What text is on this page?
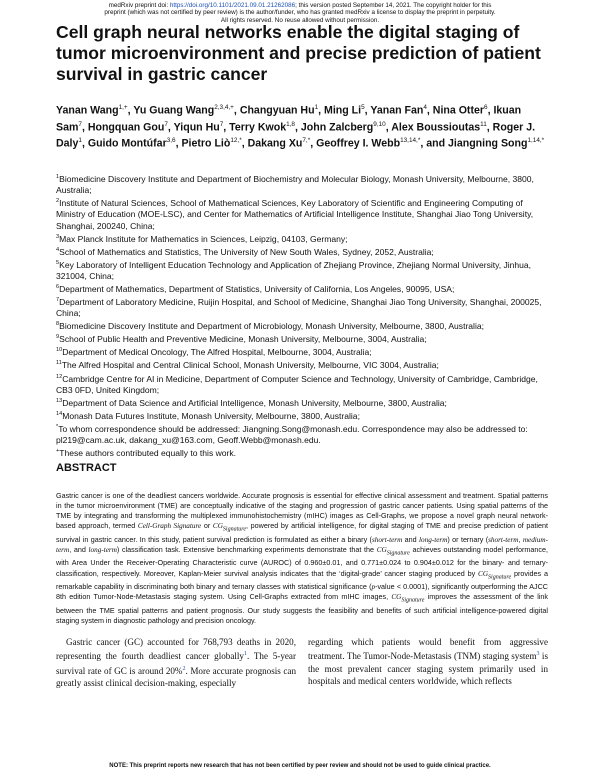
medRxiv preprint doi: https://doi.org/10.1101/2021.09.01.21262086; this version posted September 14, 2021. The copyright holder for this
preprint (which was not certified by peer review) is the author/funder, who has granted medRxiv a license to display the preprint in perpetuity.
All rights reserved. No reuse allowed without permission.
Cell graph neural networks enable the digital staging of tumor microenvironment and precise prediction of patient survival in gastric cancer
Yanan Wang$^{1,+}$, Yu Guang Wang$^{2,3,4,+}$, Changyuan Hu$^1$, Ming Li$^5$, Yanan Fan$^4$, Nina Otter$^6$, Ikuan Sam$^7$, Hongquan Gou$^7$, Yiqun Hu$^7$, Terry Kwok$^{1,8}$, John Zalcberg$^{9,10}$, Alex Boussioutas$^{11}$, Roger J. Daly$^1$, Guido Montúfar$^{3,6}$, Pietro Liò$^{12,*}$, Dakang $Xu^{7,*}$, Geoffrey I. Webb$^{13,14,*}$, and Jiangning Song$^{1,14,*}$

$^1$Biomedicine Discovery Institute and Department of Biochemistry and Molecular Biology, Monash University, Melbourne, 3800, Australia;

$^2$Institute of Natural Sciences, School of Mathematical Sciences, Key Laboratory of Scientific and Engineering Computing of Ministry of Education (MOE-LSC), and Center for Mathematics of Artificial Intelligence Institute, Shanghai Jiao Tong University, Shanghai, 200240, China;

$^3$Max Planck Institute for Mathematics in Sciences, Leipzig, 04103, Germany;

$^4$School of Mathematics and Statistics, The University of New South Wales, Sydney, 2052, Australia;

$^5$Key Laboratory of Intelligent Education Technology and Application of Zhejiang Province, Zhejiang Normal University, Jinhua, 321004, China;

$^6$Department of Mathematics, Department of Statistics, University of California, Los Angeles, 90095, USA;

$^7$Department of Laboratory Medicine, Ruijin Hospital, and School of Medicine, Shanghai Jiao Tong University, Shanghai, 200025, China;

$^8$Biomedicine Discovery Institute and Department of Microbiology, Monash University, Melbourne, 3800, Australia;

$^9$School of Public Health and Preventive Medicine, Monash University, Melbourne, 3004, Australia;

$^{10}$Department of Medical Oncology, The Alfred Hospital, Melbourne, 3004, Australia;

$^{11}$The Alfred Hospital and Central Clinical School, Monash University, Melbourne, VIC 3004, Australia;

$^{12}$Cambridge Centre for AI in Medicine, Department of Computer Science and Technology, University of Cambridge, Cambridge, CB3 0FD, United Kingdom;

$^{13}$Department of Data Science and Artificial Intelligence, Monash University, Melbourne, 3800, Australia;

$^{14}$Monash Data Futures Institute, Monash University, Melbourne, 3800, Australia;

*To whom correspondence should be addressed: Jiangning.Song@monash.edu. Correspondence may also be addressed to: pl219@cam.ac.uk, dakang_xu@163.com, Geoff.Webb@monash.edu.

+These authors contributed equally to this work.

ABSTRACT
Gastric cancer is one of the deadliest cancers worldwide. Accurate prognosis is essential for effective clinical assessment and treatment. Spatial patterns in the tumor microenvironment (TME) are conceptually indicative of the staging and progression of gastric cancer patients. Using spatial patterns of the TME by integrating and transforming the multiplexed immunohistochemistry (mIHC) images as Cell-Graphs, we propose a novel graph neural network-based approach, termed Cell-Graph Signature or $CG_{Signature}$, powered by artificial intelligence, for digital staging of TME and precise prediction of patient survival in gastric cancer. In this study, patient survival prediction is formulated as either a binary (short-term and long-term) or ternary (short-term, medium-term, and long-term) classification task. Extensive benchmarking experiments demonstrate that the $CG_{Signature}$ achieves outstanding model performance, with Area Under the Receiver-Operating Characteristic curve (AUROC) of 0.960±0.01, and 0.771±0.024 to 0.904±0.012 for the binary- and ternary-classification, respectively. Moreover, Kaplan-Meier survival analysis indicates that the ‘digital-grade’ cancer staging produced by $CG_{Signature}$ provides a remarkable capability in discriminating both binary and ternary classes with statistical significance (p-value < 0.0001), significantly outperforming the AJCC 8th edition Tumor-Node-Metastasis staging system. Using Cell-Graphs extracted from mIHC images, $CG_{Signature}$ improves the assessment of the link between the TME spatial patterns and patient prognosis. Our study suggests the feasibility and benefits of such artificial intelligence-powered digital staging system in diagnostic pathology and precision oncology.
Gastric cancer (GC) accounted for 768,793 deaths in 2020, representing the fourth deadliest cancer globally$^1$. The 5-year survival rate of GC is around 20%$^2$. More accurate prognosis can greatly assist clinical decision-making, especially
regarding which patients would benefit from aggressive treatment. The Tumor-Node-Metastasis (TNM) staging system$^3$ is the most prevalent cancer staging system primarily used in hospitals and medical centers worldwide, which reflects
NOTE: This preprint reports new research that has not been certified by peer review and should not be used to guide clinical practice.
